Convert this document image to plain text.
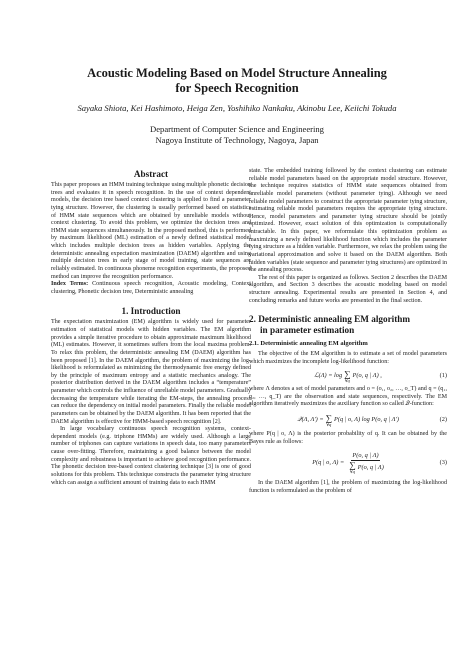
Acoustic Modeling Based on Model Structure Annealing
for Speech Recognition
Sayaka Shiota, Kei Hashimoto, Heiga Zen, Yoshihiko Nankaku, Akinobu Lee, Keiichi Tokuda
Department of Computer Science and Engineering
Nagoya Institute of Technology, Nagoya, Japan

Abstract

This paper proposes an HMM training technique using multiple phonetic decision trees and evaluates it in speech recognition. In the use of context dependent models, the decision tree based context clustering is applied to find a parameter tying structure. However, the clustering is usually performed based on statistics of HMM state sequences which are obtained by unreliable models without context clustering. To avoid this problem, we optimize the decision trees and HMM state sequences simultaneously. In the proposed method, this is performed by maximum likelihood (ML) estimation of a newly defined statistical model which includes multiple decision trees as hidden variables. Applying the deterministic annealing expectation maximization (DAEM) algorithm and using multiple decision trees in early stage of model training, state sequences are reliably estimated. In continuous phoneme recognition experiments, the proposed method can improve the recognition performance.

Index Terms: Continuous speech recognition, Acoustic modeling, Context clustering, Phonetic decision tree, Deterministic annealing

1. Introduction

The expectation maximization (EM) algorithm is widely used for parameter estimation of statistical models with hidden variables. The EM algorithm provides a simple iterative procedure to obtain approximate maximum likelihood (ML) estimates. However, it sometimes suffers from the local maxima problem. To relax this problem, the deterministic annealing EM (DAEM) algorithm has been proposed [1]. In the DAEM algorithm, the problem of maximizing the log-likelihood is reformulated as minimizing the thermodynamic free energy defined by the principle of maximum entropy and a statistic mechanics analogy. The posterior distribution derived in the DAEM algorithm includes a “temperature” parameter which controls the influence of unreliable model parameters. Gradually decreasing the temperature while iterating the EM-steps, the annealing process can reduce the dependency on initial model parameters. Finally the reliable model parameters can be obtained by the DAEM algorithm. It has been reported that the DAEM algorithm is effective for HMM-based speech recognition [2].

In large vocabulary continuous speech recognition systems, context-dependent models (e.g. triphone HMMs) are widely used. Although a large number of triphones can capture variations in speech data, too many parameters cause over-fitting. Therefore, maintaining a good balance between the model complexity and robustness is important to achieve good recognition performance. The phonetic decision tree-based context clustering technique [3] is one of good solutions for this problem. This technique constructs the parameter tying structure which can assign a sufficient amount of training data to each HMM

state. The embedded training followed by the context clustering can estimate reliable model parameters based on the appropriate model structure. However, the technique requires statistics of HMM state sequences obtained from unreliable model parameters (without parameter tying). Although we need reliable model parameters to construct the appropriate parameter tying structure, estimating reliable model parameters requires the appropriate tying structure. Hence, model parameters and parameter tying structure should be jointly optimized. However, exact solution of this optimization is computationally intractable. In this paper, we reformulate this optimization problem as maximizing a newly defined likelihood function which includes the parameter tying structure as a hidden variable. Furthermore, we relax the problem using the variational approximation and solve it based on the DAEM algorithm. Both hidden variables (state sequence and parameter tying structures) are optimized in the annealing process.

The rest of this paper is organized as follows. Section 2 describes the DAEM algorithm, and Section 3 describes the acoustic modeling based on model structure annealing. Experimental results are presented in Section 4, and concluding remarks and future works are presented in the final section.

2. Deterministic annealing EM algorithm
in parameter estimation

2.1. Deterministic annealing EM algorithm

The objective of the EM algorithm is to estimate a set of model parameters which maximizes the incomplete log-likelihood function:

ℒ(Λ) = log ∑
∀q
P(o, q | Λ) ,	(1)

where Λ denotes a set of model parameters and o = (o₁, o₂, …, o_T) and q = (q₁, q₂, …, q_T) are the observation and state sequences, respectively. The EM algorithm iteratively maximizes the auxiliary function so called 𝒬-function:

𝒬(Λ, Λ′) = ∑
∀q
P(q | o, Λ) log P(o, q | Λ′)	(2)

where P(q | o, Λ) is the posterior probability of q. It can be obtained by the Bayes rule as follows:

P(q | o, Λ) = P(o, q | Λ)
∑
∀q
P(o, q | Λ)	(3)

In the DAEM algorithm [1], the problem of maximizing the log-likelihood function is reformulated as the problem of
